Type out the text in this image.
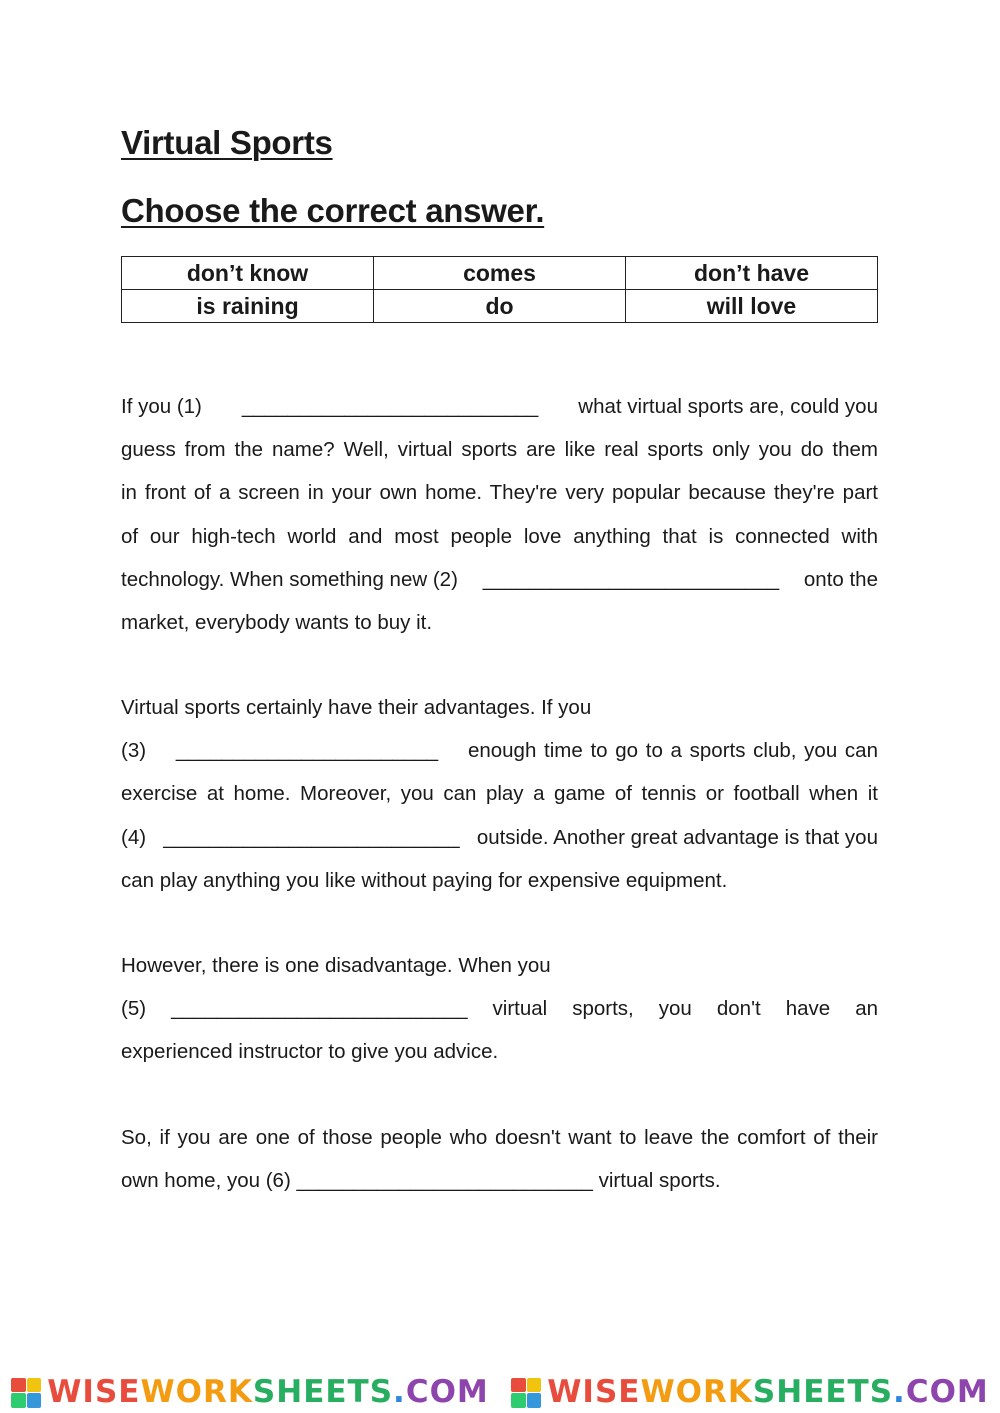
Virtual Sports
Choose the correct answer.
don’t know	comes	don’t have
is raining	do	will love
If you (1) __________________________ what virtual sports are, could you
guess from the name? Well, virtual sports are like real sports only you do them
in front of a screen in your own home. They're very popular because they're part
of our high-tech world and most people love anything that is connected with
technology. When something new (2) __________________________ onto the
market, everybody wants to buy it.
Virtual sports certainly have their advantages. If you
(3) _______________________ enough time to go to a sports club, you can
exercise at home. Moreover, you can play a game of tennis or football when it
(4) __________________________ outside. Another great advantage is that you
can play anything you like without paying for expensive equipment.
However, there is one disadvantage. When you
(5) __________________________ virtual sports, you don't have an
experienced instructor to give you advice.
So, if you are one of those people who doesn't want to leave the comfort of their
own home, you (6) __________________________ virtual sports.
WISEWORKSHEETS.COM WISEWORKSHEETS.COM
